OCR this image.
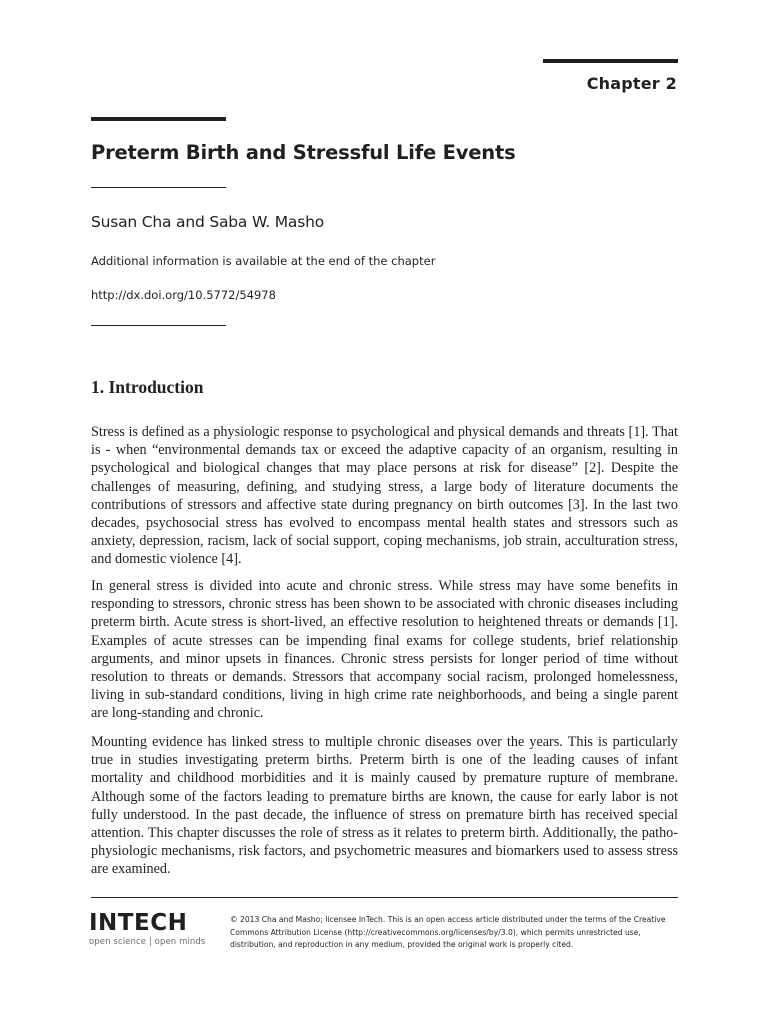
Chapter 2
Preterm Birth and Stressful Life Events
Susan Cha and Saba W. Masho
Additional information is available at the end of the chapter
http://dx.doi.org/10.5772/54978
1. Introduction

Stress is defined as a physiologic response to psychological and physical demands and threats [1]. That is - when “environmental demands tax or exceed the adaptive capacity of an organism, resulting in psychological and biological changes that may place persons at risk for disease” [2]. Despite the challenges of measuring, defining, and studying stress, a large body of literature documents the contributions of stressors and affective state during pregnancy on birth outcomes [3]. In the last two decades, psychosocial stress has evolved to encompass mental health states and stressors such as anxiety, depression, racism, lack of social support, coping mechanisms, job strain, acculturation stress, and domestic violence [4].

In general stress is divided into acute and chronic stress. While stress may have some benefits in responding to stressors, chronic stress has been shown to be associated with chronic diseases including preterm birth. Acute stress is short-lived, an effective resolution to heightened threats or demands [1]. Examples of acute stresses can be impending final exams for college students, brief relationship arguments, and minor upsets in finances. Chronic stress persists for longer period of time without resolution to threats or demands. Stressors that accompany social racism, prolonged homelessness, living in sub-standard conditions, living in high crime rate neighborhoods, and being a single parent are long-standing and chronic.

Mounting evidence has linked stress to multiple chronic diseases over the years. This is particularly true in studies investigating preterm births. Preterm birth is one of the leading causes of infant mortality and childhood morbidities and it is mainly caused by premature rupture of membrane. Although some of the factors leading to premature births are known, the cause for early labor is not fully understood. In the past decade, the influence of stress on premature birth has received special attention. This chapter discusses the role of stress as it relates to preterm birth. Additionally, the patho-physiologic mechanisms, risk factors, and psychometric measures and biomarkers used to assess stress are examined.

INTECH
open science | open minds

© 2013 Cha and Masho; licensee InTech. This is an open access article distributed under the terms of the Creative Commons Attribution License (http://creativecommons.org/licenses/by/3.0), which permits unrestricted use, distribution, and reproduction in any medium, provided the original work is properly cited.
